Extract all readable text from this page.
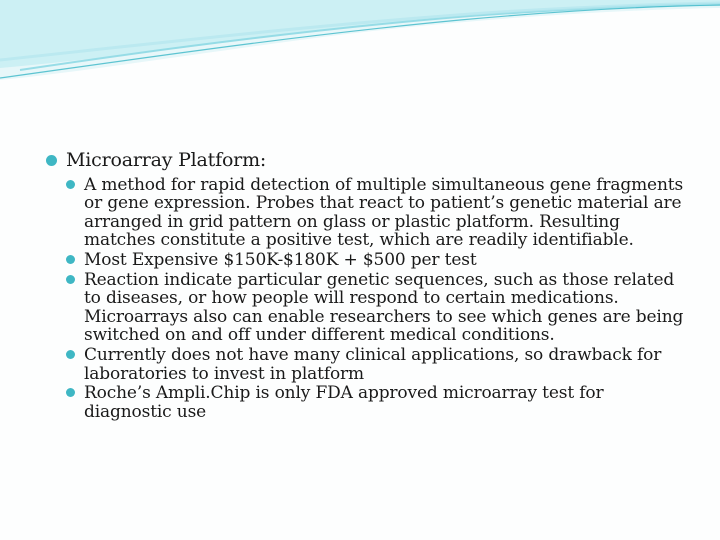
Microarray Platform:
A method for rapid detection of multiple simultaneous gene fragments or gene expression. Probes that react to patient’s genetic material are arranged in grid pattern on glass or plastic platform. Resulting matches constitute a positive test, which are readily identifiable.
Most Expensive $150K-$180K + $500 per test
Reaction indicate particular genetic sequences, such as those related to diseases, or how people will respond to certain medications. Microarrays also can enable researchers to see which genes are being switched on and off under different medical conditions.
Currently does not have many clinical applications, so drawback for laboratories to invest in platform
Roche’s Ampli.Chip is only FDA approved microarray test for diagnostic use
